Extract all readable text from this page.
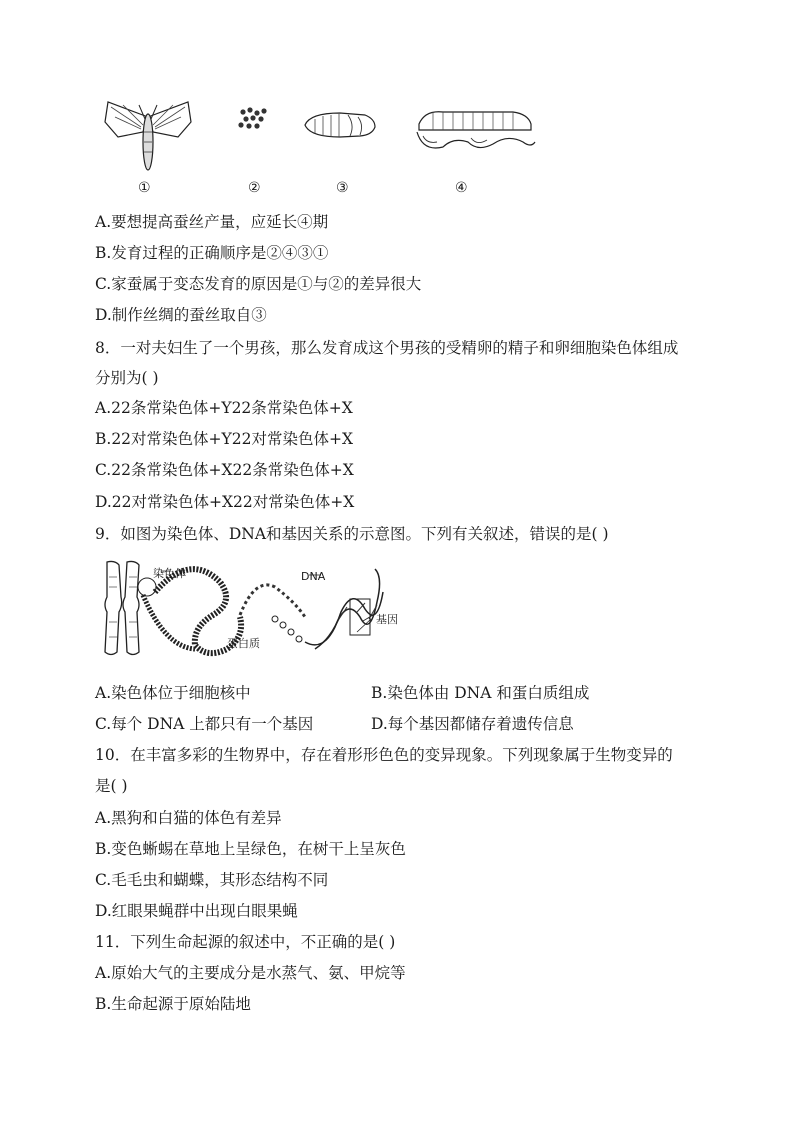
①	②	③	④
A.要想提高蚕丝产量，应延长④期
B.发育过程的正确顺序是②④③①
C.家蚕属于变态发育的原因是①与②的差异很大
D.制作丝绸的蚕丝取自③
8．一对夫妇生了一个男孩，那么发育成这个男孩的受精卵的精子和卵细胞染色体组成
分别为( )
A.22条常染色体+Y22条常染色体+X
B.22对常染色体+Y22对常染色体+X
C.22条常染色体+X22条常染色体+X
D.22对常染色体+X22对常染色体+X
9．如图为染色体、DNA和基因关系的示意图。下列有关叙述，错误的是( )
染色体	DNA
基因
蛋白质
A.染色体位于细胞核中	B.染色体由 DNA 和蛋白质组成
C.每个 DNA 上都只有一个基因	D.每个基因都储存着遗传信息
10．在丰富多彩的生物界中，存在着形形色色的变异现象。下列现象属于生物变异的
是( )
A.黑狗和白猫的体色有差异
B.变色蜥蜴在草地上呈绿色，在树干上呈灰色
C.毛毛虫和蝴蝶，其形态结构不同
D.红眼果蝇群中出现白眼果蝇
11．下列生命起源的叙述中，不正确的是( )
A.原始大气的主要成分是水蒸气、氨、甲烷等
B.生命起源于原始陆地
